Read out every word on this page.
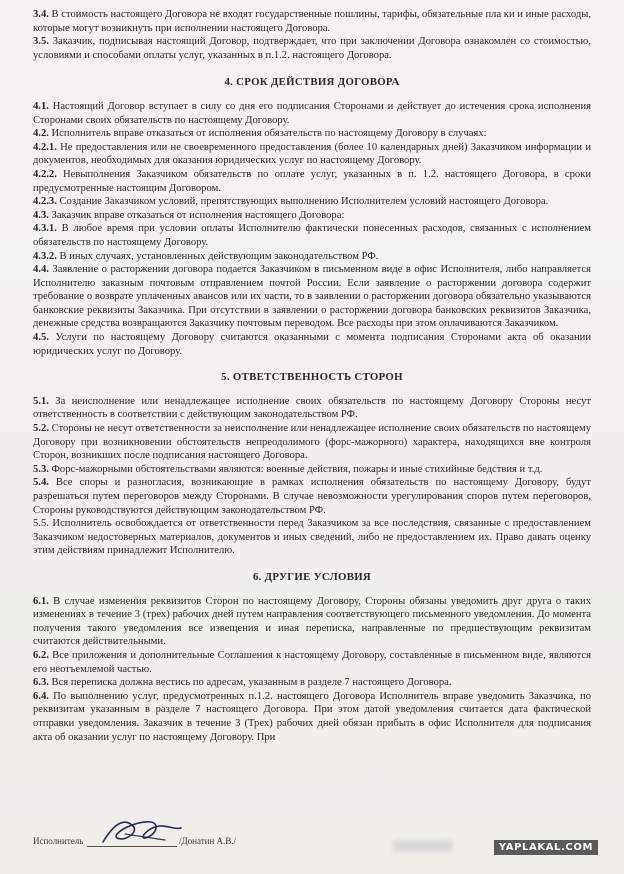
3.4. В стоимость настоящего Договора не входят государственные пошлины, тарифы, обязательные пла ки и иные расходы, которые могут возникнуть при исполнении настоящего Договора.

3.5. Заказчик, подписывая настоящий Договор, подтверждает, что при заключении Договора ознакомлен со стоимостью, условиями и способами оплаты услуг, указанных в п.1.2. настоящего Договора.

4. СРОК ДЕЙСТВИЯ ДОГОВОРА

4.1. Настоящий Договор вступает в силу со дня его подписания Сторонами и действует до истечения срока исполнения Сторонами своих обязательств по настоящему Договору.

4.2. Исполнитель вправе отказаться от исполнения обязательств по настоящему Договору в случаях:

4.2.1. Не предоставления или не своевременного предоставления (более 10 календарных дней) Заказчиком информации и документов, необходимых для оказания юридических услуг по настоящему Договору.

4.2.2. Невыполнения Заказчиком обязательств по оплате услуг, указанных в п. 1.2. настоящего Договора, в сроки предусмотренные настоящим Договором.

4.2.3. Создание Заказчиком условий, препятствующих выполнению Исполнителем условий настоящего Договора.

4.3. Заказчик вправе отказаться от исполнения настоящего Договора:

4.3.1. В любое время при условии оплаты Исполнителю фактически понесенных расходов, связанных с исполнением обязательств по настоящему Договору.

4.3.2. В иных случаях, установленных действующим законодательством РФ.

4.4. Заявление о расторжении договора подается Заказчиком в письменном виде в офис Исполнителя, либо направляется Исполнителю заказным почтовым отправлением почтой России. Если заявление о расторжении договора содержит требование о возврате уплаченных авансов или их части, то в заявлении о расторжении договора обязательно указываются банковские реквизиты Заказчика. При отсутствии в заявлении о расторжении договора банковских реквизитов Заказчика, денежные средства возвращаются Заказчику почтовым переводом. Все расходы при этом оплачиваются Заказчиком.

4.5. Услуги по настоящему Договору считаются оказанными с момента подписания Сторонами акта об оказании юридических услуг по Договору.

5. ОТВЕТСТВЕННОСТЬ СТОРОН

5.1. За неисполнение или ненадлежащее исполнение своих обязательств по настоящему Договору Стороны несут ответственность в соответствии с действующим законодательством РФ.

5.2. Стороны не несут ответственности за неисполнение или ненадлежащее исполнение своих обязательств по настоящему Договору при возникновении обстоятельств непреодолимого (форс-мажорного) характера, находящихся вне контроля Сторон, возникших после подписания настоящего Договора.

5.3. Форс-мажорными обстоятельствами являются: военные действия, пожары и иные стихийные бедствия и т.д.

5.4. Все споры и разногласия, возникающие в рамках исполнения обязательств по настоящему Договору, будут разрешаться путем переговоров между Сторонами. В случае невозможности урегулирования споров путем переговоров, Стороны руководствуются действующим законодательством РФ.

5.5. Исполнитель освобождается от ответственности перед Заказчиком за все последствия, связанные с предоставлением Заказчиком недостоверных материалов, документов и иных сведений, либо не предоставлением их. Право давать оценку этим действиям принадлежит Исполнителю.

6. ДРУГИЕ УСЛОВИЯ

6.1. В случае изменения реквизитов Сторон по настоящему Договору, Стороны обязаны уведомить друг друга о таких изменениях в течение 3 (трех) рабочих дней путем направления соответствующего письменного уведомления. До момента получения такого уведомления все извещения и иная переписка, направленные по предшествующим реквизитам считаются действительными.

6.2. Все приложения и дополнительные Соглашения к настоящему Договору, составленные в письменном виде, являются его неотъемлемой частью.

6.3. Вся переписка должна вестись по адресам, указанным в разделе 7 настоящего Договора.

6.4. По выполнению услуг, предусмотренных п.1.2. настоящего Договора Исполнитель вправе уведомить Заказчика, по реквизитам указанным в разделе 7 настоящего Договора. При этом датой уведомления считается дата фактической отправки уведомления. Заказчик в течение 3 (Трех) рабочих дней обязан прибыть в офис Исполнителя для подписания акта об оказании услуг по настоящему Договору. При

Исполнитель	/Донатин А.В./
YAPLAKAL.COM
